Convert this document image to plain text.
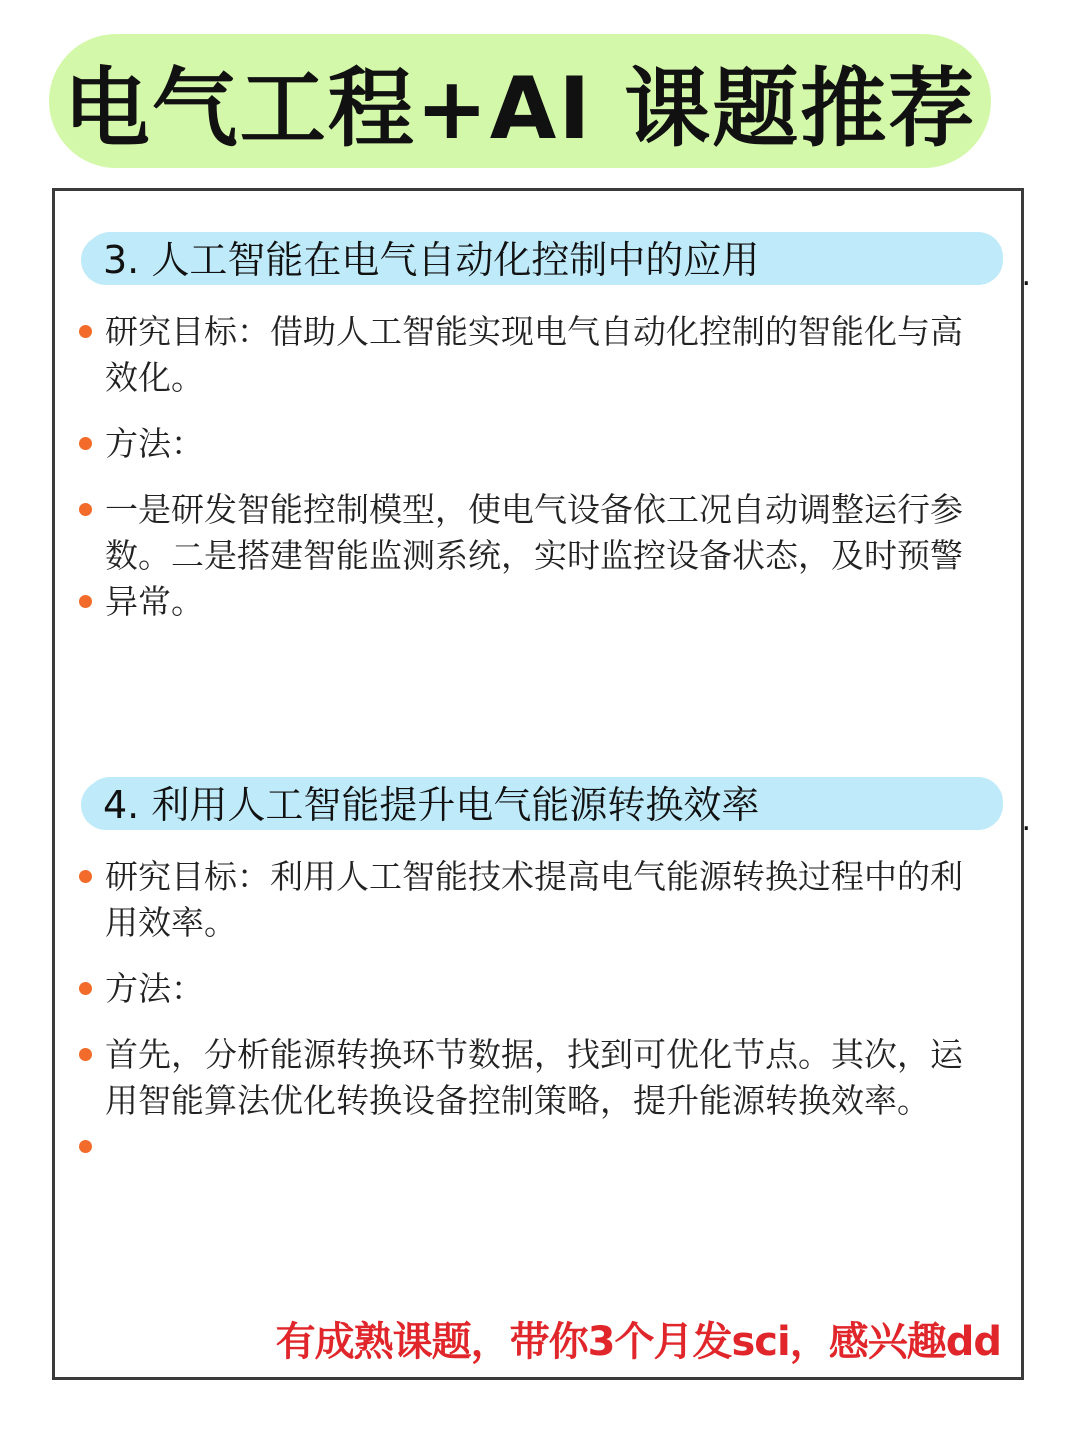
电气工程+AI 课题推荐
3. 人工智能在电气自动化控制中的应用	.
研究目标：借助人工智能实现电气自动化控制的智能化与高效化。
方法：
一是研发智能控制模型，使电气设备依工况自动调整运行参数。二是搭建智能监测系统，实时监控设备状态，及时预警异常。
4. 利用人工智能提升电气能源转换效率	.
研究目标：利用人工智能技术提高电气能源转换过程中的利用效率。
方法：
首先，分析能源转换环节数据，找到可优化节点。其次，运用智能算法优化转换设备控制策略，提升能源转换效率。
有成熟课题，带你3个月发sci，感兴趣dd
